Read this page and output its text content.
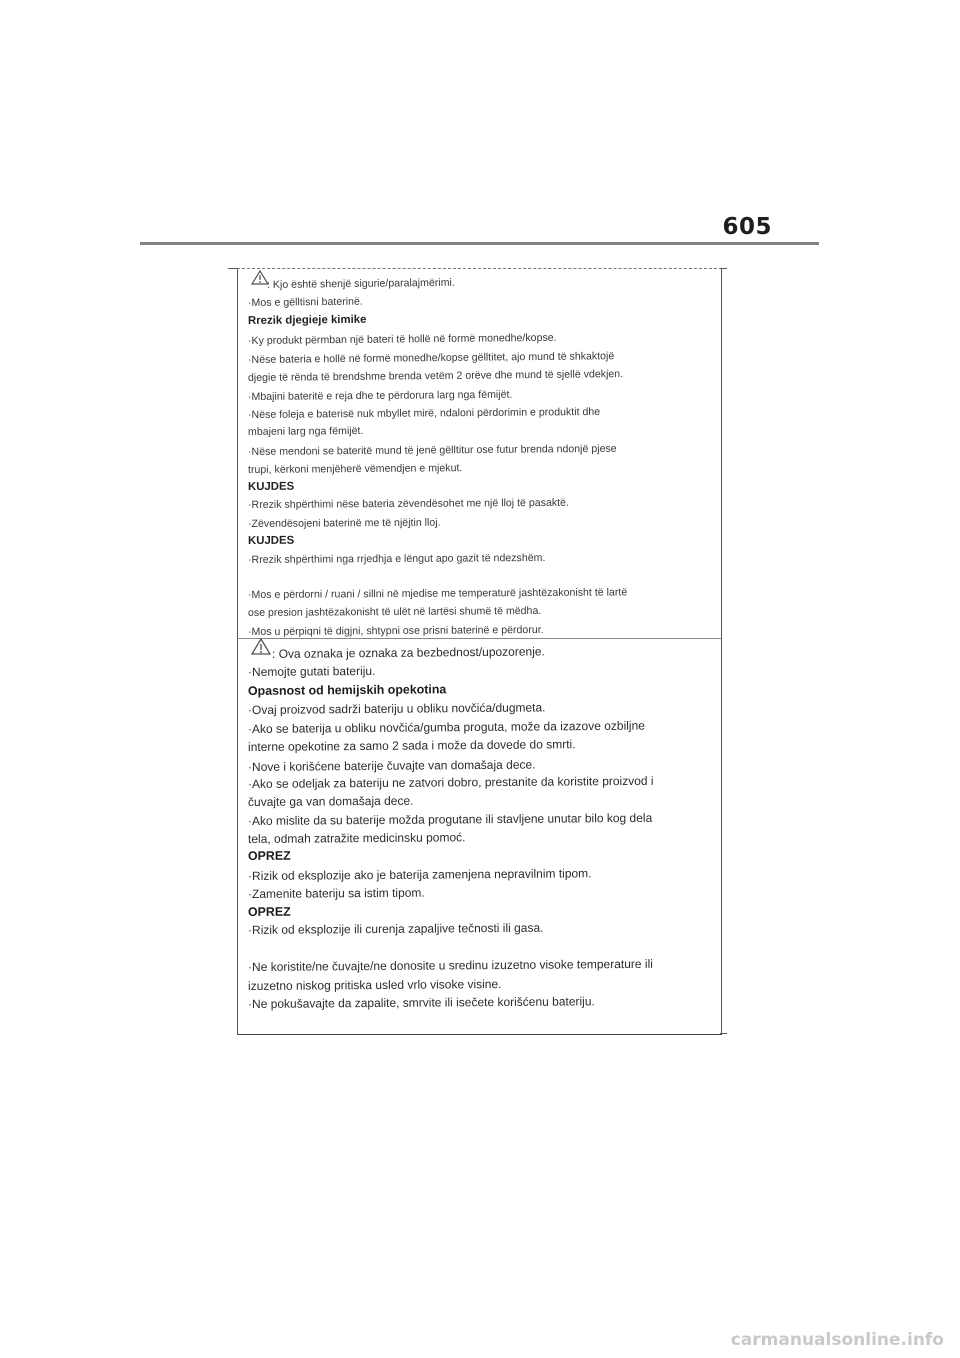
605
: Kjo është shenjë sigurie/paralajmërimi.
·Mos e gëlltisni baterinë.
Rrezik djegieje kimike
·Ky produkt përmban një bateri të hollë në formë monedhe/kopse.
·Nëse bateria e hollë në formë monedhe/kopse gëlltitet, ajo mund të shkaktojë
djegie të rënda të brendshme brenda vetëm 2 orëve dhe mund të sjellë vdekjen.
·Mbajini bateritë e reja dhe te përdorura larg nga fëmijët.
·Nëse foleja e baterisë nuk mbyllet mirë, ndaloni përdorimin e produktit dhe
mbajeni larg nga fëmijët.
·Nëse mendoni se bateritë mund të jenë gëlltitur ose futur brenda ndonjë pjese
trupi, kërkoni menjëherë vëmendjen e mjekut.
KUJDES
·Rrezik shpërthimi nëse bateria zëvendësohet me një lloj të pasaktë.
·Zëvendësojeni baterinë me të njëjtin lloj.
KUJDES
·Rrezik shpërthimi nga rrjedhja e lëngut apo gazit të ndezshëm.
·Mos e përdorni / ruani / sillni në mjedise me temperaturë jashtëzakonisht të lartë
ose presion jashtëzakonisht të ulët në lartësi shumë të mëdha.
·Mos u përpiqni të digjni, shtypni ose prisni baterinë e përdorur.
: Ova oznaka je oznaka za bezbednost/upozorenje.
·Nemojte gutati bateriju.
Opasnost od hemijskih opekotina
·Ovaj proizvod sadrži bateriju u obliku novčića/dugmeta.
·Ako se baterija u obliku novčića/gumba proguta, može da izazove ozbiljne
interne opekotine za samo 2 sada i može da dovede do smrti.
·Nove i korišćene baterije čuvajte van domašaja dece.
·Ako se odeljak za bateriju ne zatvori dobro, prestanite da koristite proizvod i
čuvajte ga van domašaja dece.
·Ako mislite da su baterije možda progutane ili stavljene unutar bilo kog dela
tela, odmah zatražite medicinsku pomoć.
OPREZ
·Rizik od eksplozije ako je baterija zamenjena nepravilnim tipom.
·Zamenite bateriju sa istim tipom.
OPREZ
·Rizik od eksplozije ili curenja zapaljive tečnosti ili gasa.
·Ne koristite/ne čuvajte/ne donosite u sredinu izuzetno visoke temperature ili
izuzetno niskog pritiska usled vrlo visoke visine.
·Ne pokušavajte da zapalite, smrvite ili isečete korišćenu bateriju.
carmanualsonline.info
